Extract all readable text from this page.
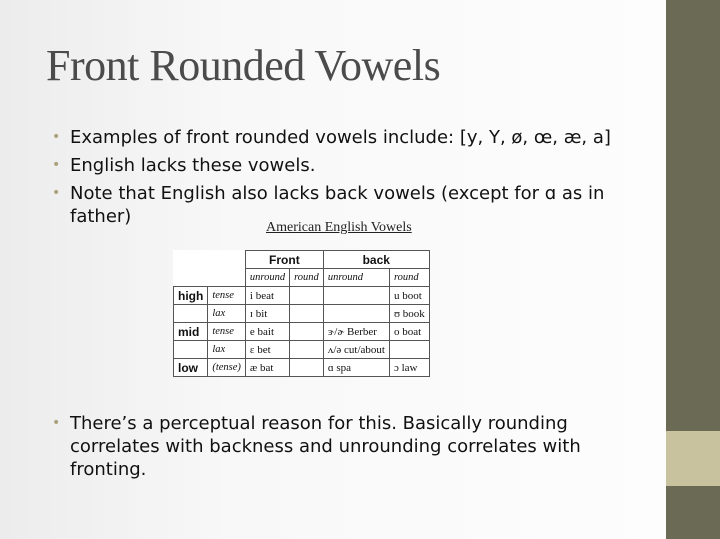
Front Rounded Vowels
• Examples of front rounded vowels include: [y, Y, ø, œ, æ, a]
• English lacks these vowels.
• Note that English also lacks back vowels (except for ɑ as in father)
American English Vowels
		Front		back	
		unround	round	unround	round
high	tense	i beat			u boot
	lax	ɪ bit			ʊ book
mid	tense	e bait		ɝ/ɚ Berber	o boat
	lax	ɛ bet		ʌ/ə cut/about	
low	(tense)	æ bat		ɑ spa	ɔ law
• There’s a perceptual reason for this. Basically rounding correlates with backness and unrounding correlates with fronting.
